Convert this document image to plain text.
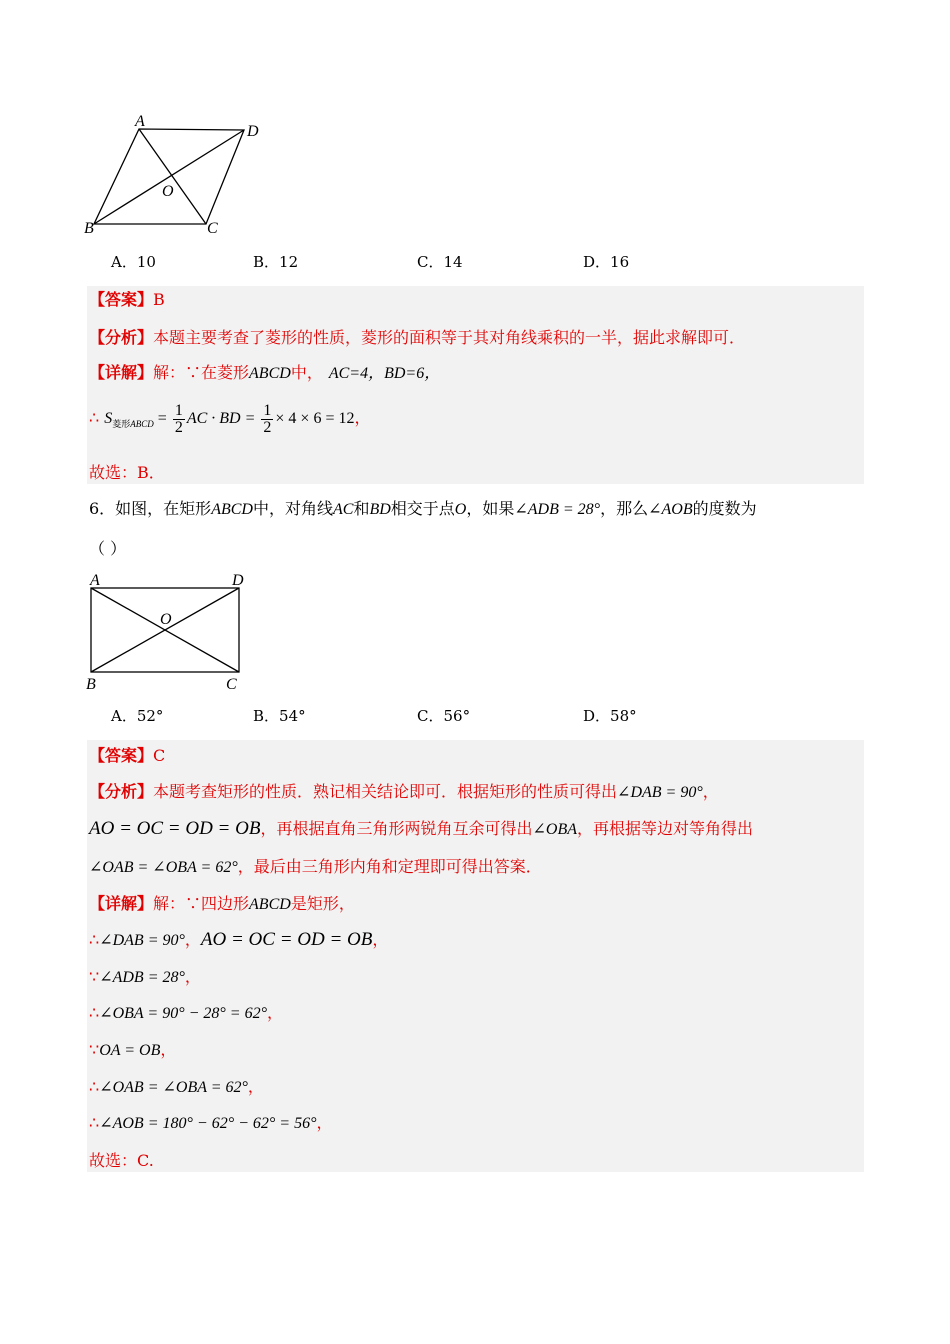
A
D
O
B	C
A．10	B．12	C．14	D．16
【答案】B
【分析】本题主要考查了菱形的性质，菱形的面积等于其对角线乘积的一半，据此求解即可．
【详解】解：∵在菱形ABCD中， AC=4，BD=6，
∴ $S_{菱形ABCD} = \frac{1}{2}$ AC · BD = $\frac{1}{2} \times 4 \times 6 = 12$，
故选：B．
6．如图，在矩形ABCD中，对角线AC和BD相交于点O，如果∠ADB = 28°，那么∠AOB的度数为
（ ）
A	D
O
B	C
A．52°	B．54°	C．56°	D．58°
【答案】C
【分析】本题考查矩形的性质．熟记相关结论即可．根据矩形的性质可得出∠DAB = 90°，
AO = OC = OD = OB，再根据直角三角形两锐角互余可得出∠OBA，再根据等边对等角得出
∠OAB = ∠OBA = 62°，最后由三角形内角和定理即可得出答案．
【详解】解：∵四边形ABCD是矩形，
∴∠DAB = 90°，AO = OC = OD = OB，
∵∠ADB = 28°，
∴∠OBA = 90° − 28° = 62°，
∵OA = OB，
∴∠OAB = ∠OBA = 62°，
∴∠AOB = 180° − 62° − 62° = 56°，
故选：C.
